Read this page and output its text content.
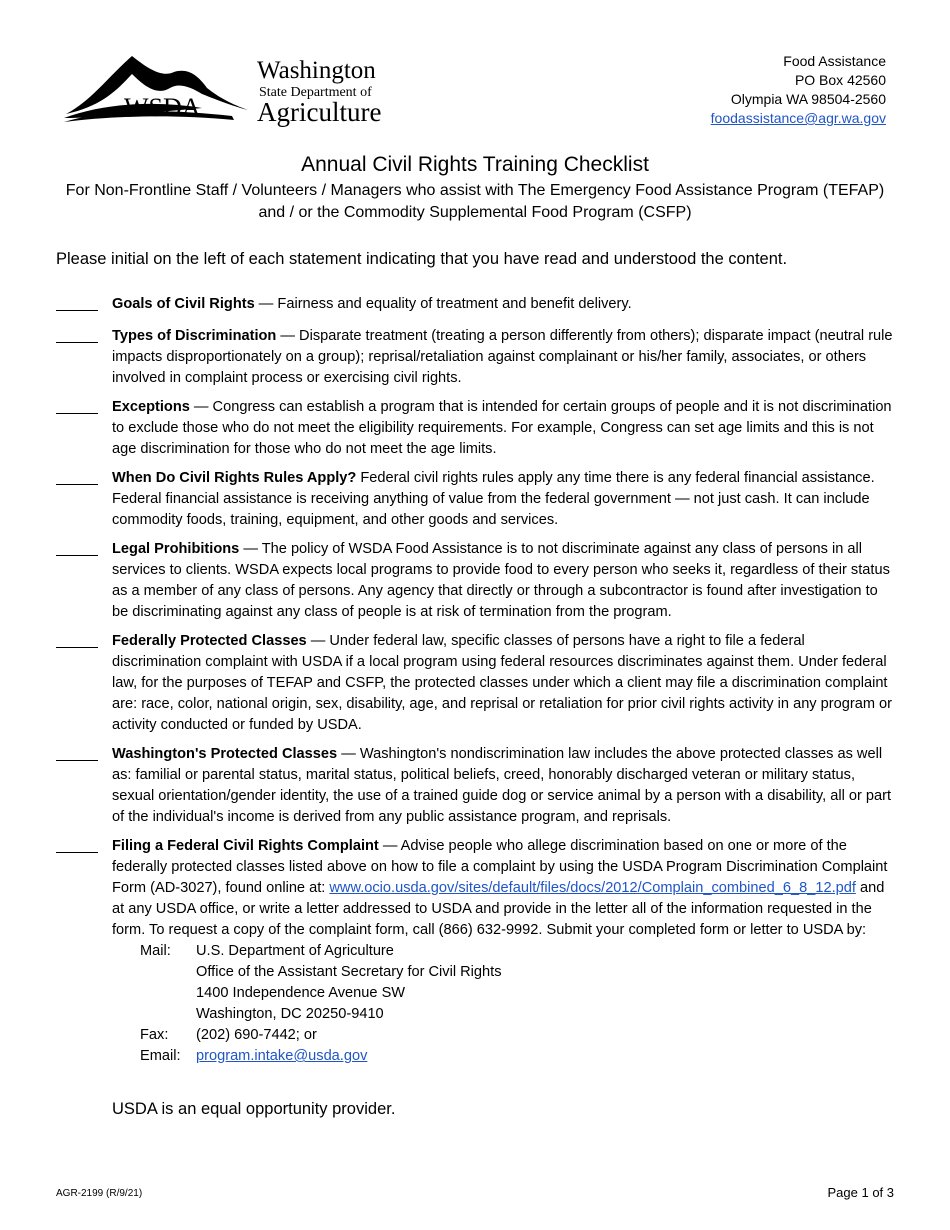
WSDA
Washington
State Department of
Agriculture
Food Assistance
PO Box 42560
Olympia WA 98504-2560
foodassistance@agr.wa.gov
Annual Civil Rights Training Checklist
For Non-Frontline Staff / Volunteers / Managers who assist with The Emergency Food Assistance Program (TEFAP)
and / or the Commodity Supplemental Food Program (CSFP)
Please initial on the left of each statement indicating that you have read and understood the content.
Goals of Civil Rights — Fairness and equality of treatment and benefit delivery.
Types of Discrimination — Disparate treatment (treating a person differently from others); disparate impact (neutral rule impacts disproportionately on a group); reprisal/retaliation against complainant or his/her family, associates, or others involved in complaint process or exercising civil rights.
Exceptions — Congress can establish a program that is intended for certain groups of people and it is not discrimination to exclude those who do not meet the eligibility requirements. For example, Congress can set age limits and this is not age discrimination for those who do not meet the age limits.
When Do Civil Rights Rules Apply? Federal civil rights rules apply any time there is any federal financial assistance. Federal financial assistance is receiving anything of value from the federal government — not just cash. It can include commodity foods, training, equipment, and other goods and services.
Legal Prohibitions — The policy of WSDA Food Assistance is to not discriminate against any class of persons in all services to clients. WSDA expects local programs to provide food to every person who seeks it, regardless of their status as a member of any class of persons. Any agency that directly or through a subcontractor is found after investigation to be discriminating against any class of people is at risk of termination from the program.
Federally Protected Classes — Under federal law, specific classes of persons have a right to file a federal discrimination complaint with USDA if a local program using federal resources discriminates against them. Under federal law, for the purposes of TEFAP and CSFP, the protected classes under which a client may file a discrimination complaint are: race, color, national origin, sex, disability, age, and reprisal or retaliation for prior civil rights activity in any program or activity conducted or funded by USDA.
Washington's Protected Classes — Washington's nondiscrimination law includes the above protected classes as well as: familial or parental status, marital status, political beliefs, creed, honorably discharged veteran or military status, sexual orientation/gender identity, the use of a trained guide dog or service animal by a person with a disability, all or part of the individual's income is derived from any public assistance program, and reprisals.
Filing a Federal Civil Rights Complaint — Advise people who allege discrimination based on one or more of the federally protected classes listed above on how to file a complaint by using the USDA Program Discrimination Complaint Form (AD-3027), found online at: www.ocio.usda.gov/sites/default/files/docs/2012/Complain_combined_6_8_12.pdf and at any USDA office, or write a letter addressed to USDA and provide in the letter all of the information requested in the form. To request a copy of the complaint form, call (866) 632-9992. Submit your completed form or letter to USDA by:
Mail:	U.S. Department of Agriculture
Office of the Assistant Secretary for Civil Rights
1400 Independence Avenue SW
Washington, DC 20250-9410
Fax:	(202) 690-7442; or
Email:	program.intake@usda.gov
USDA is an equal opportunity provider.
AGR-2199 (R/9/21)	Page 1 of 3
